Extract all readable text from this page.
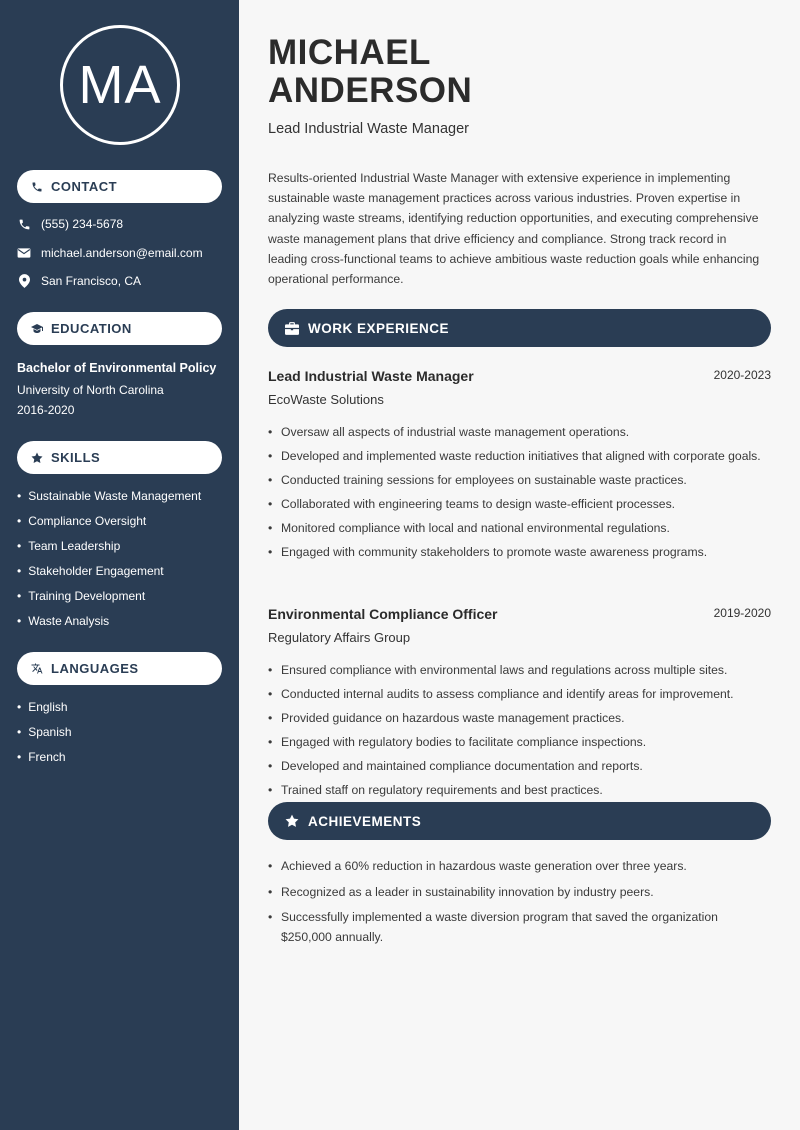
MA
CONTACT
(555) 234-5678
michael.anderson@email.com
San Francisco, CA
EDUCATION
Bachelor of Environmental Policy
University of North Carolina
2016-2020
SKILLS
• Sustainable Waste Management
• Compliance Oversight
• Team Leadership
• Stakeholder Engagement
• Training Development
• Waste Analysis
LANGUAGES
• English
• Spanish
• French
MICHAEL
ANDERSON
Lead Industrial Waste Manager

Results-oriented Industrial Waste Manager with extensive experience in implementing sustainable waste management practices across various industries. Proven expertise in analyzing waste streams, identifying reduction opportunities, and executing comprehensive waste management plans that drive efficiency and compliance. Strong track record in leading cross-functional teams to achieve ambitious waste reduction goals while enhancing operational performance.

WORK EXPERIENCE
Lead Industrial Waste Manager	2020-2023
EcoWaste Solutions
• Oversaw all aspects of industrial waste management operations.
• Developed and implemented waste reduction initiatives that aligned with corporate goals.
• Conducted training sessions for employees on sustainable waste practices.
• Collaborated with engineering teams to design waste-efficient processes.
• Monitored compliance with local and national environmental regulations.
• Engaged with community stakeholders to promote waste awareness programs.
Environmental Compliance Officer	2019-2020
Regulatory Affairs Group
• Ensured compliance with environmental laws and regulations across multiple sites.
• Conducted internal audits to assess compliance and identify areas for improvement.
• Provided guidance on hazardous waste management practices.
• Engaged with regulatory bodies to facilitate compliance inspections.
• Developed and maintained compliance documentation and reports.
• Trained staff on regulatory requirements and best practices.
ACHIEVEMENTS
• Achieved a 60% reduction in hazardous waste generation over three years.
• Recognized as a leader in sustainability innovation by industry peers.
• Successfully implemented a waste diversion program that saved the organization $250,000 annually.
